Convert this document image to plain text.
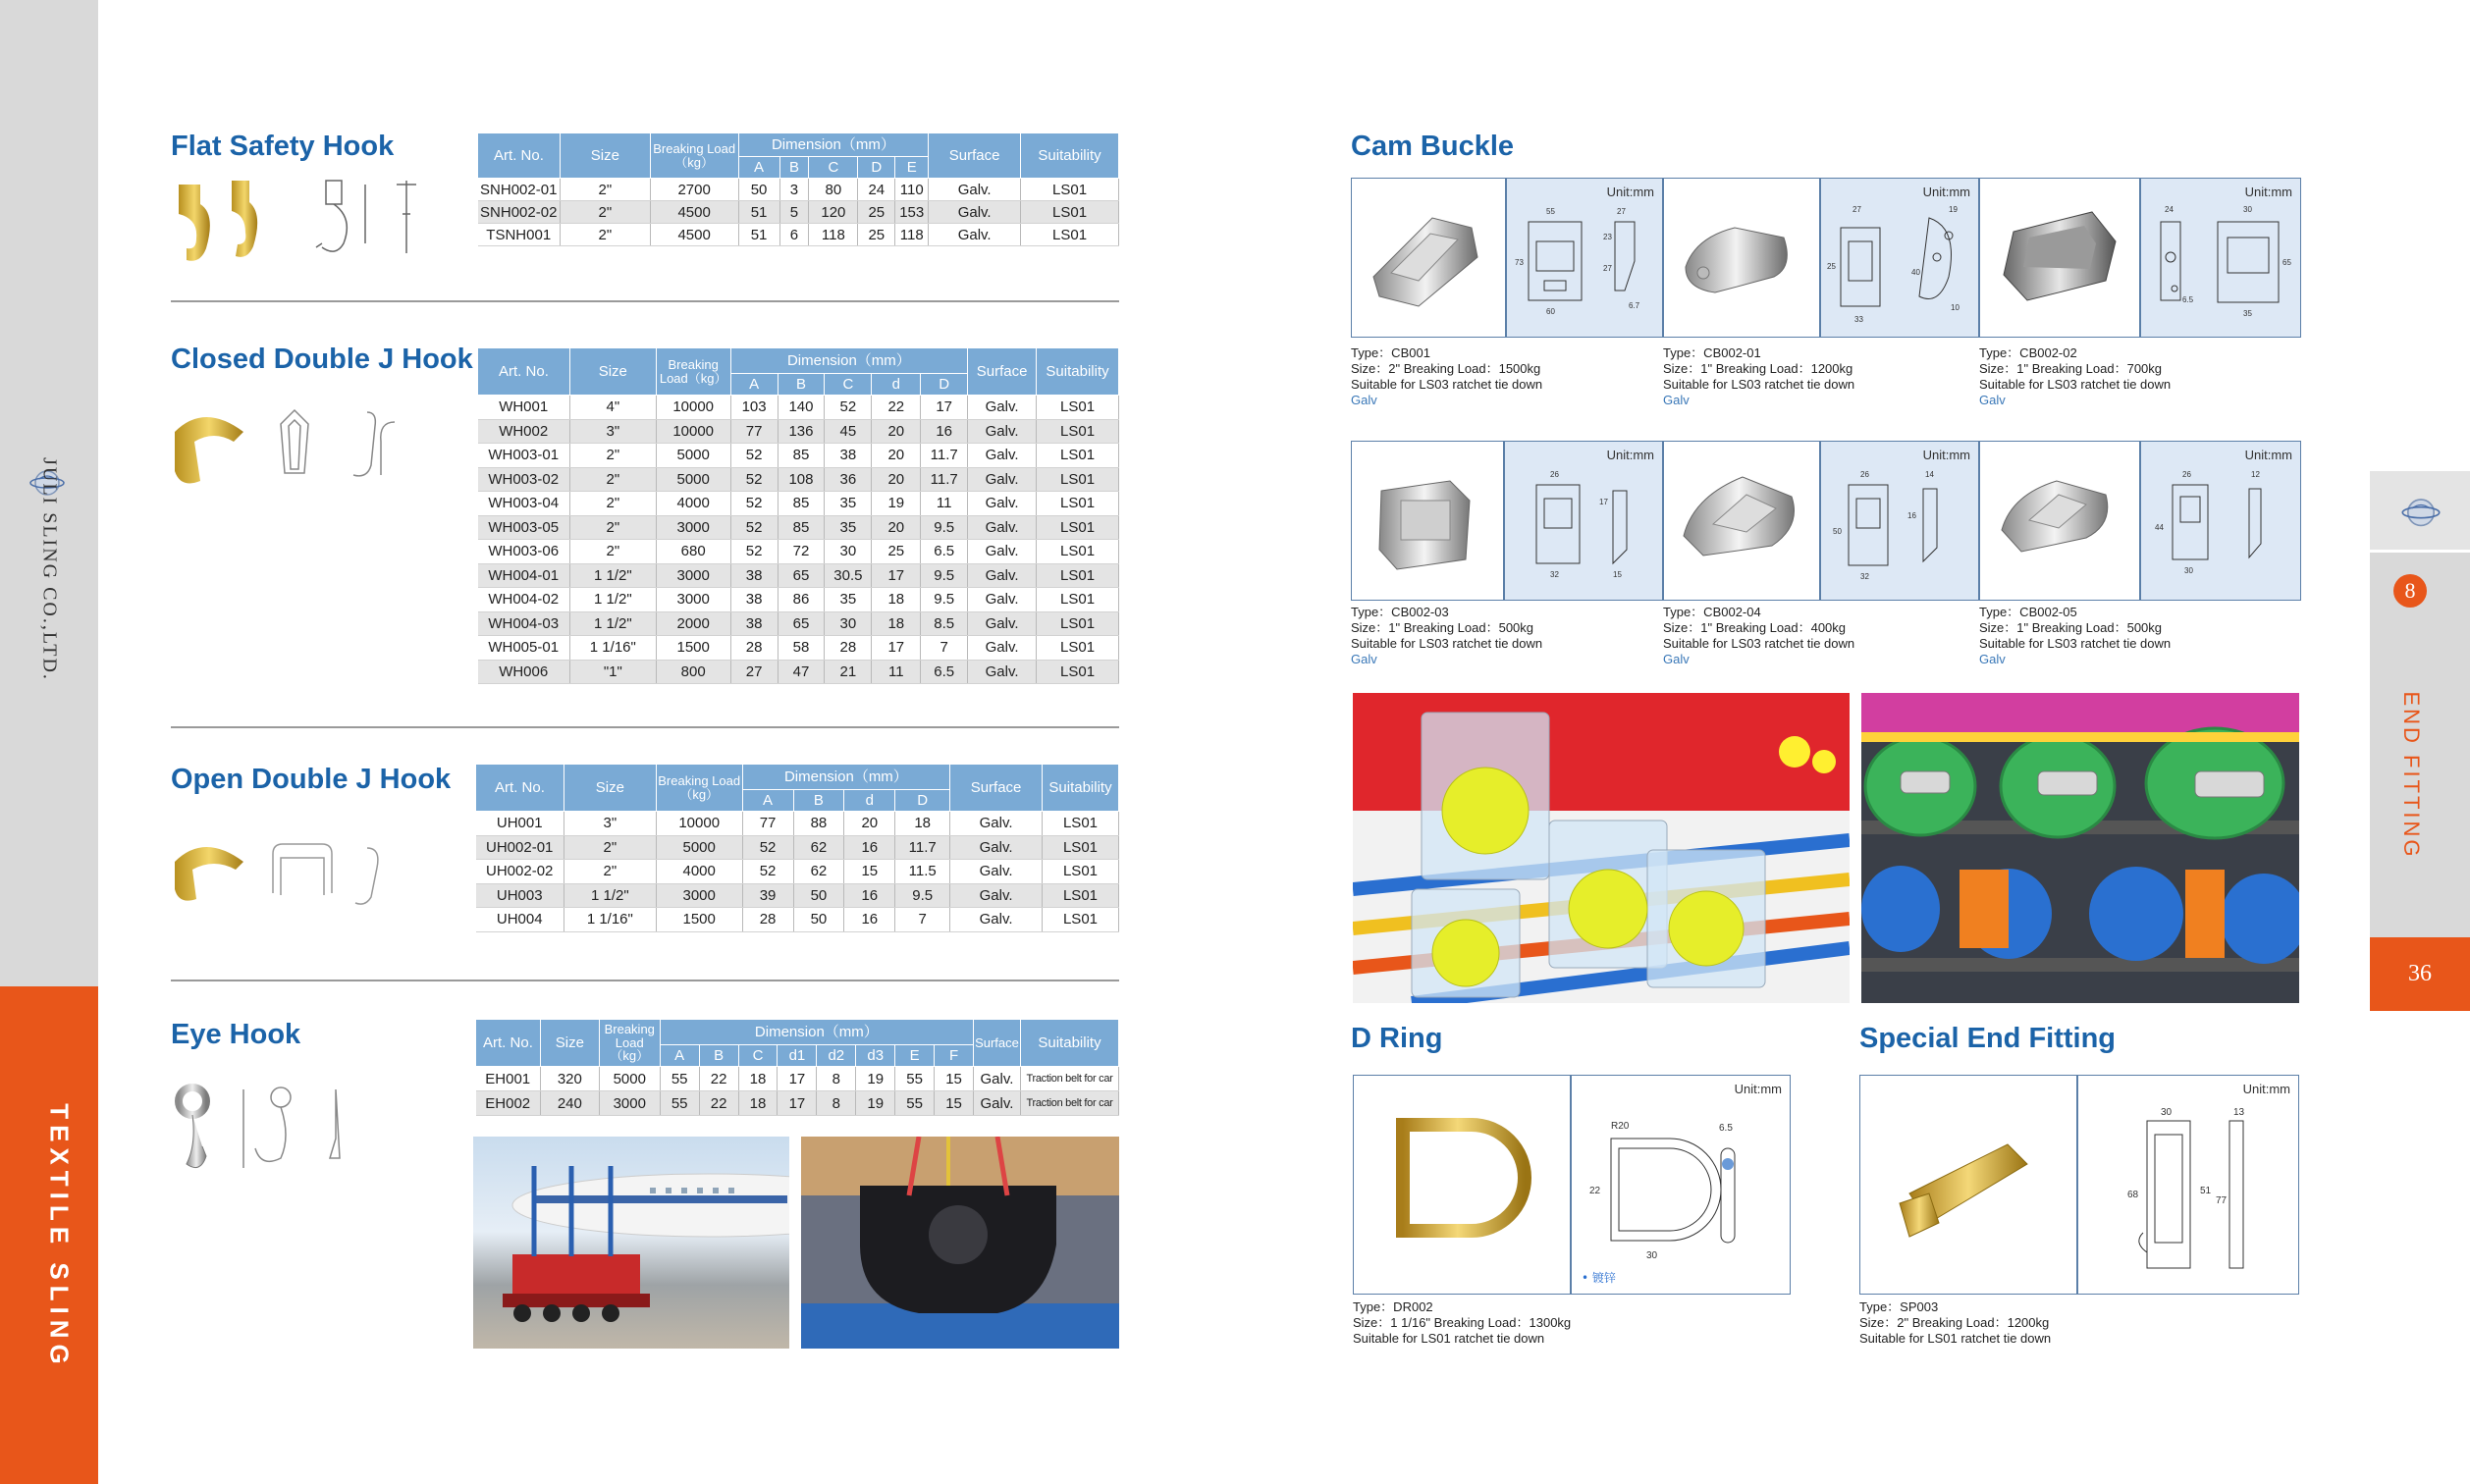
JULI SLING CO.,LTD.
TEXTILE SLING
8
END FITTING
36
Flat Safety Hook	Art. No.	Size	Breaking Load（kg）	Dimension（mm）					Surface	Suitability
			A	B	C	D	E		
SNH002-01	2"	2700	50	3	80	24	110	Galv.	LS01
SNH002-02	2"	4500	51	5	120	25	153	Galv.	LS01
TSNH001	2"	4500	51	6	118	25	118	Galv.	LS01
Closed Double J Hook Art. No.	Size	Breaking Load（kg）	Dimension（mm）					Surface	Suitability
			A	B	C	d	D		
WH001	4"	10000	103	140	52	22	17	Galv.	LS01
WH002	3"	10000	77	136	45	20	16	Galv.	LS01
WH003-01	2"	5000	52	85	38	20	11.7	Galv.	LS01
WH003-02	2"	5000	52	108	36	20	11.7	Galv.	LS01
WH003-04	2"	4000	52	85	35	19	11	Galv.	LS01
WH003-05	2"	3000	52	85	35	20	9.5	Galv.	LS01
WH003-06	2"	680	52	72	30	25	6.5	Galv.	LS01
WH004-01	1 1/2"	3000	38	65	30.5	17	9.5	Galv.	LS01
WH004-02	1 1/2"	3000	38	86	35	18	9.5	Galv.	LS01
WH004-03	1 1/2"	2000	38	65	30	18	8.5	Galv.	LS01
WH005-01	1 1/16"	1500	28	58	28	17	7	Galv.	LS01
WH006	"1"	800	27	47	21	11	6.5	Galv.	LS01
Open Double J Hook	Art. No.	Size	Breaking Load（kg）	Dimension（mm）				Surface	Suitability
			A	B	d	D		
UH001	3"	10000	77	88	20	18	Galv.	LS01
UH002-01	2"	5000	52	62	16	11.7	Galv.	LS01
UH002-02	2"	4000	52	62	15	11.5	Galv.	LS01
UH003	1 1/2"	3000	39	50	16	9.5	Galv.	LS01
UH004	1 1/16"	1500	28	50	16	7	Galv.	LS01
Eye Hook	Art. No.	Size	Breaking Load（kg）	Dimension（mm）								Surface	Suitability
			A	B	C	d1	d2	d3	E	F		
EH001	320	5000	55	22	18	17	8	19	55	15	Galv.	Traction belt for car
EH002	240	3000	55	22	18	17	8	19	55	15	Galv.	Traction belt for car
Cam Buckle
Unit:mm
55	27
73
60
23
27
6.7
Unit:mm
27	19
25
33
40
10
Unit:mm
24	30
65
35
6.5
Type：CB001
Size：2" Breaking Load：1500kg
Suitable for LS03 ratchet tie down
Galv
Type：CB002-01
Size：1" Breaking Load：1200kg
Suitable for LS03 ratchet tie down
Galv
Type：CB002-02
Size：1" Breaking Load：700kg
Suitable for LS03 ratchet tie down
Galv
Unit:mm
26
17
32	15
Unit:mm
26	14
50
16
32
Unit:mm
26	12
44
30
Type：CB002-03
Size：1" Breaking Load：500kg
Suitable for LS03 ratchet tie down
Galv
Type：CB002-04
Size：1" Breaking Load：400kg
Suitable for LS03 ratchet tie down
Galv
Type：CB002-05
Size：1" Breaking Load：500kg
Suitable for LS03 ratchet tie down
Galv
D Ring
Unit:mm
R20	6.5
22
30
• 镀锌
Type：DR002
Size：1 1/16" Breaking Load：1300kg
Suitable for LS01 ratchet tie down
Special End Fitting
Unit:mm
30	13
68	51
77
Type：SP003
Size：2" Breaking Load：1200kg
Suitable for LS01 ratchet tie down
